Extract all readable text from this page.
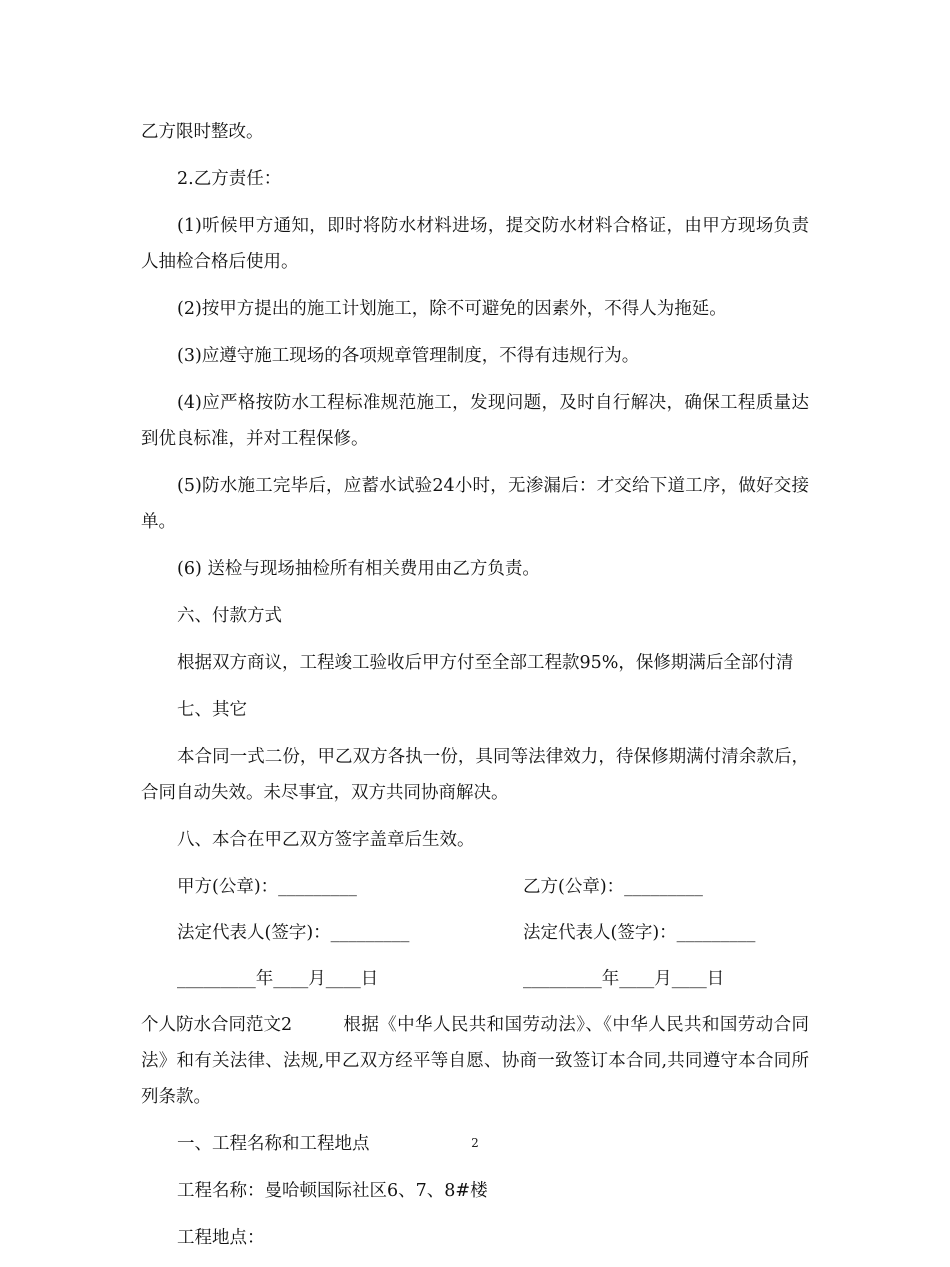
乙方限时整改。

2.乙方责任：

(1)听候甲方通知，即时将防水材料进场，提交防水材料合格证，由甲方现场负责人抽检合格后使用。

(2)按甲方提出的施工计划施工，除不可避免的因素外，不得人为拖延。

(3)应遵守施工现场的各项规章管理制度，不得有违规行为。

(4)应严格按防水工程标准规范施工，发现问题，及时自行解决，确保工程质量达到优良标准，并对工程保修。

(5)防水施工完毕后，应蓄水试验24小时，无渗漏后：才交给下道工序，做好交接单。

(6) 送检与现场抽检所有相关费用由乙方负责。

六、付款方式

根据双方商议，工程竣工验收后甲方付至全部工程款95%，保修期满后全部付清

七、其它

本合同一式二份，甲乙双方各执一份，具同等法律效力，待保修期满付清余款后，合同自动失效。未尽事宜，双方共同协商解决。

八、本合在甲乙双方签字盖章后生效。

甲方(公章)：_________	乙方(公章)：_________
法定代表人(签字)：_________	法定代表人(签字)：_________
_________年____月____日	_________年____月____日

个人防水合同范文2	根据《中华人民共和国劳动法》、《中华人民共和国劳动合同法》和有关法律、法规,甲乙双方经平等自愿、协商一致签订本合同,共同遵守本合同所列条款。

一、工程名称和工程地点

工程名称：曼哈顿国际社区6、7、8#楼

工程地点：

2
